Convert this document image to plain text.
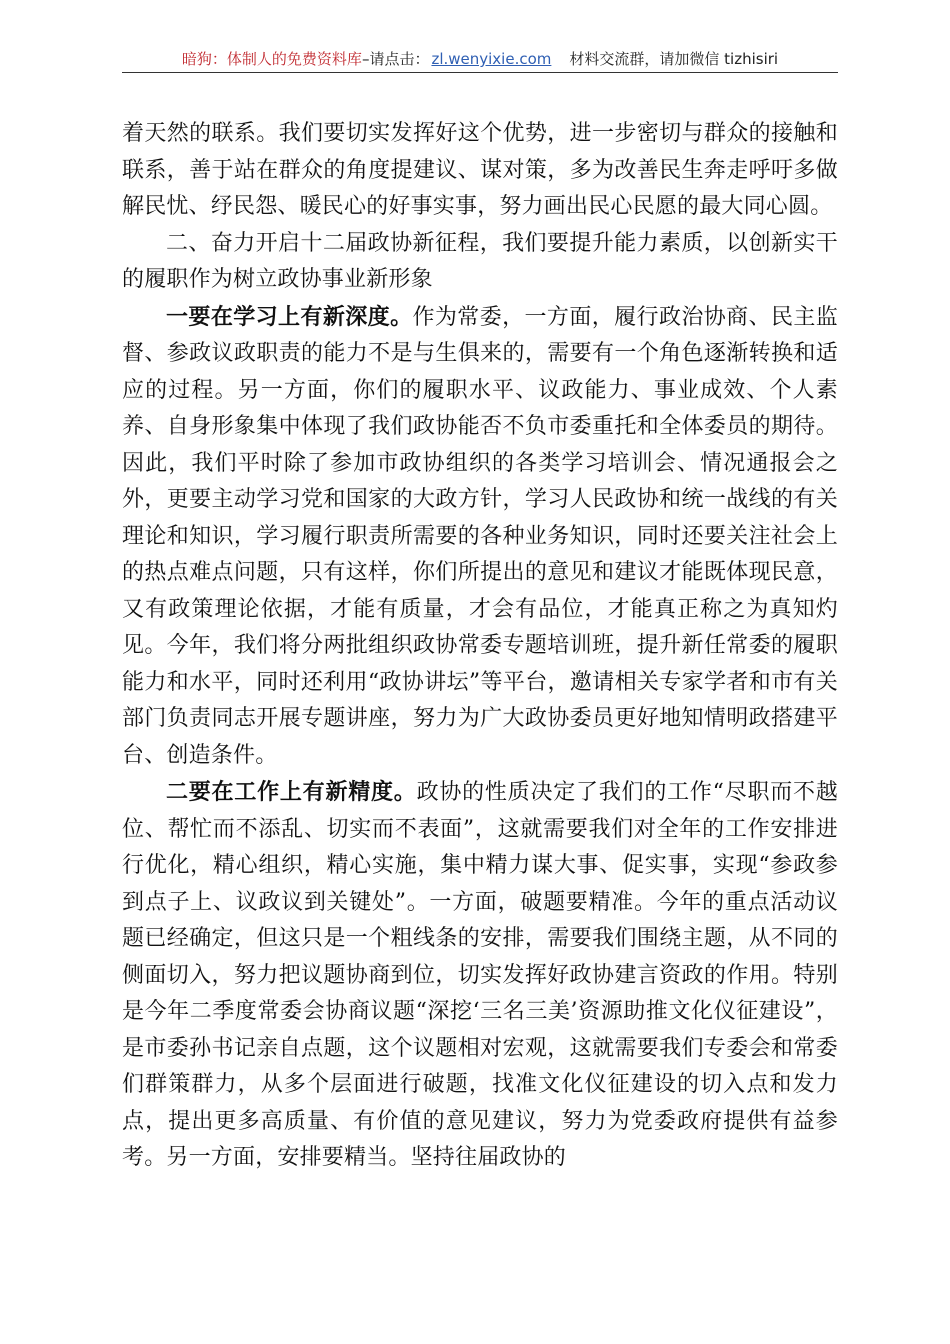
暗狗：体制人的免费资料库–请点击： zl.wenyixie.com 材料交流群，请加微信 tizhisiri

着天然的联系。我们要切实发挥好这个优势，进一步密切与群众的接触和联系，善于站在群众的角度提建议、谋对策，多为改善民生奔走呼吁多做解民忧、纾民怨、暖民心的好事实事，努力画出民心民愿的最大同心圆。

二、奋力开启十二届政协新征程，我们要提升能力素质，以创新实干的履职作为树立政协事业新形象

一要在学习上有新深度。作为常委，一方面，履行政治协商、民主监督、参政议政职责的能力不是与生俱来的，需要有一个角色逐渐转换和适应的过程。另一方面，你们的履职水平、议政能力、事业成效、个人素养、自身形象集中体现了我们政协能否不负市委重托和全体委员的期待。因此，我们平时除了参加市政协组织的各类学习培训会、情况通报会之外，更要主动学习党和国家的大政方针，学习人民政协和统一战线的有关理论和知识，学习履行职责所需要的各种业务知识，同时还要关注社会上的热点难点问题，只有这样，你们所提出的意见和建议才能既体现民意，又有政策理论依据，才能有质量，才会有品位，才能真正称之为真知灼见。今年，我们将分两批组织政协常委专题培训班，提升新任常委的履职能力和水平，同时还利用“政协讲坛”等平台，邀请相关专家学者和市有关部门负责同志开展专题讲座，努力为广大政协委员更好地知情明政搭建平台、创造条件。

二要在工作上有新精度。政协的性质决定了我们的工作“尽职而不越位、帮忙而不添乱、切实而不表面”，这就需要我们对全年的工作安排进行优化，精心组织，精心实施，集中精力谋大事、促实事，实现“参政参到点子上、议政议到关键处”。一方面，破题要精准。今年的重点活动议题已经确定，但这只是一个粗线条的安排，需要我们围绕主题，从不同的侧面切入，努力把议题协商到位，切实发挥好政协建言资政的作用。特别是今年二季度常委会协商议题“深挖‘三名三美’资源助推文化仪征建设”，是市委孙书记亲自点题，这个议题相对宏观，这就需要我们专委会和常委们群策群力，从多个层面进行破题，找准文化仪征建设的切入点和发力点，提出更多高质量、有价值的意见建议，努力为党委政府提供有益参考。另一方面，安排要精当。坚持往届政协的
